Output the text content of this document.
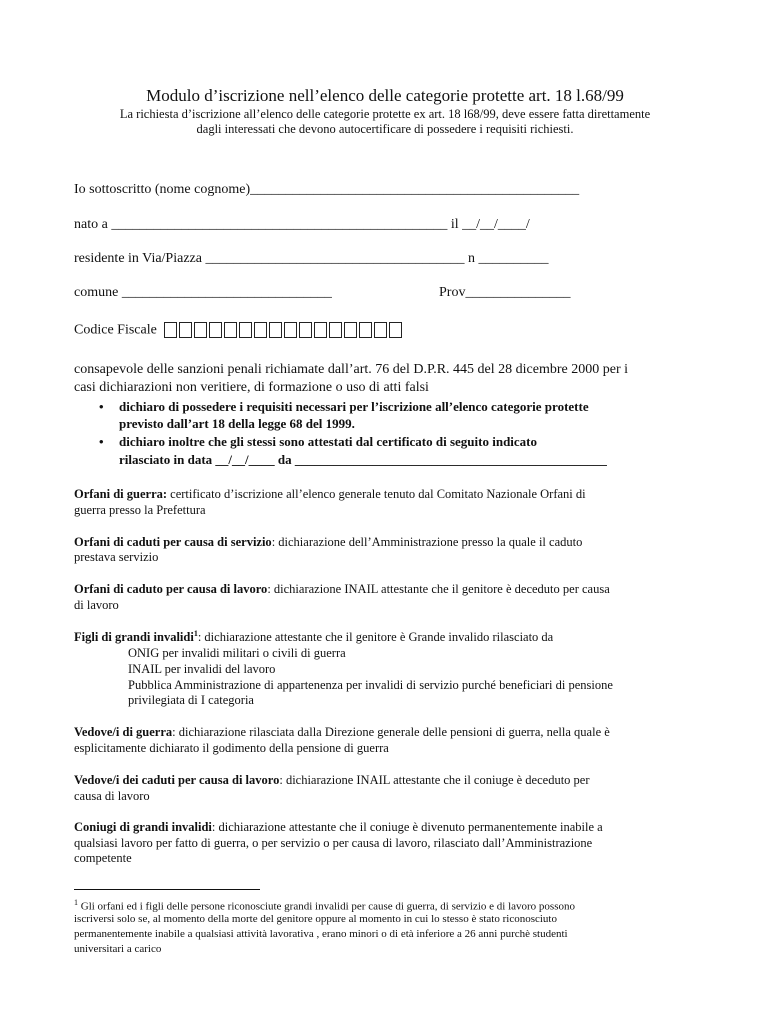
Modulo d’iscrizione nell’elenco delle categorie protette art. 18 l.68/99
La richiesta d’iscrizione all’elenco delle categorie protette ex art. 18 l68/99, deve essere fatta direttamente
dagli interessati che devono autocertificare di possedere i requisiti richiesti.
Io sottoscritto (nome cognome)_______________________________________________
nato a ________________________________________________ il __/__/____/
residente in Via/Piazza _____________________________________ n __________
comune ______________________________	Prov_______________
Codice Fiscale
consapevole delle sanzioni penali richiamate dall’art. 76 del D.P.R. 445 del 28 dicembre 2000 per i
casi dichiarazioni non veritiere, di formazione o uso di atti falsi
• dichiaro di possedere i requisiti necessari per l’iscrizione all’elenco categorie protette
previsto dall’art 18 della legge 68 del 1999.
• dichiaro inoltre che gli stessi sono attestati dal certificato di seguito indicato
rilasciato in data __/__/____ da ________________________________________________
Orfani di guerra: certificato d’iscrizione all’elenco generale tenuto dal Comitato Nazionale Orfani di
guerra presso la Prefettura
Orfani di caduti per causa di servizio: dichiarazione dell’Amministrazione presso la quale il caduto
prestava servizio
Orfani di caduto per causa di lavoro: dichiarazione INAIL attestante che il genitore è deceduto per causa
di lavoro
Figli di grandi invalidi$^1$: dichiarazione attestante che il genitore è Grande invalido rilasciato da
ONIG per invalidi militari o civili di guerra
INAIL per invalidi del lavoro
Pubblica Amministrazione di appartenenza per invalidi di servizio purché beneficiari di pensione
privilegiata di I categoria
Vedove/i di guerra: dichiarazione rilasciata dalla Direzione generale delle pensioni di guerra, nella quale è
esplicitamente dichiarato il godimento della pensione di guerra
Vedove/i dei caduti per causa di lavoro: dichiarazione INAIL attestante che il coniuge è deceduto per
causa di lavoro
Coniugi di grandi invalidi: dichiarazione attestante che il coniuge è divenuto permanentemente inabile a
qualsiasi lavoro per fatto di guerra, o per servizio o per causa di lavoro, rilasciato dall’Amministrazione
competente
$^1$ Gli orfani ed i figli delle persone riconosciute grandi invalidi per cause di guerra, di servizio e di lavoro possono
iscriversi solo se, al momento della morte del genitore oppure al momento in cui lo stesso è stato riconosciuto
permanentemente inabile a qualsiasi attività lavorativa , erano minori o di età inferiore a 26 anni purchè studenti
universitari a carico
